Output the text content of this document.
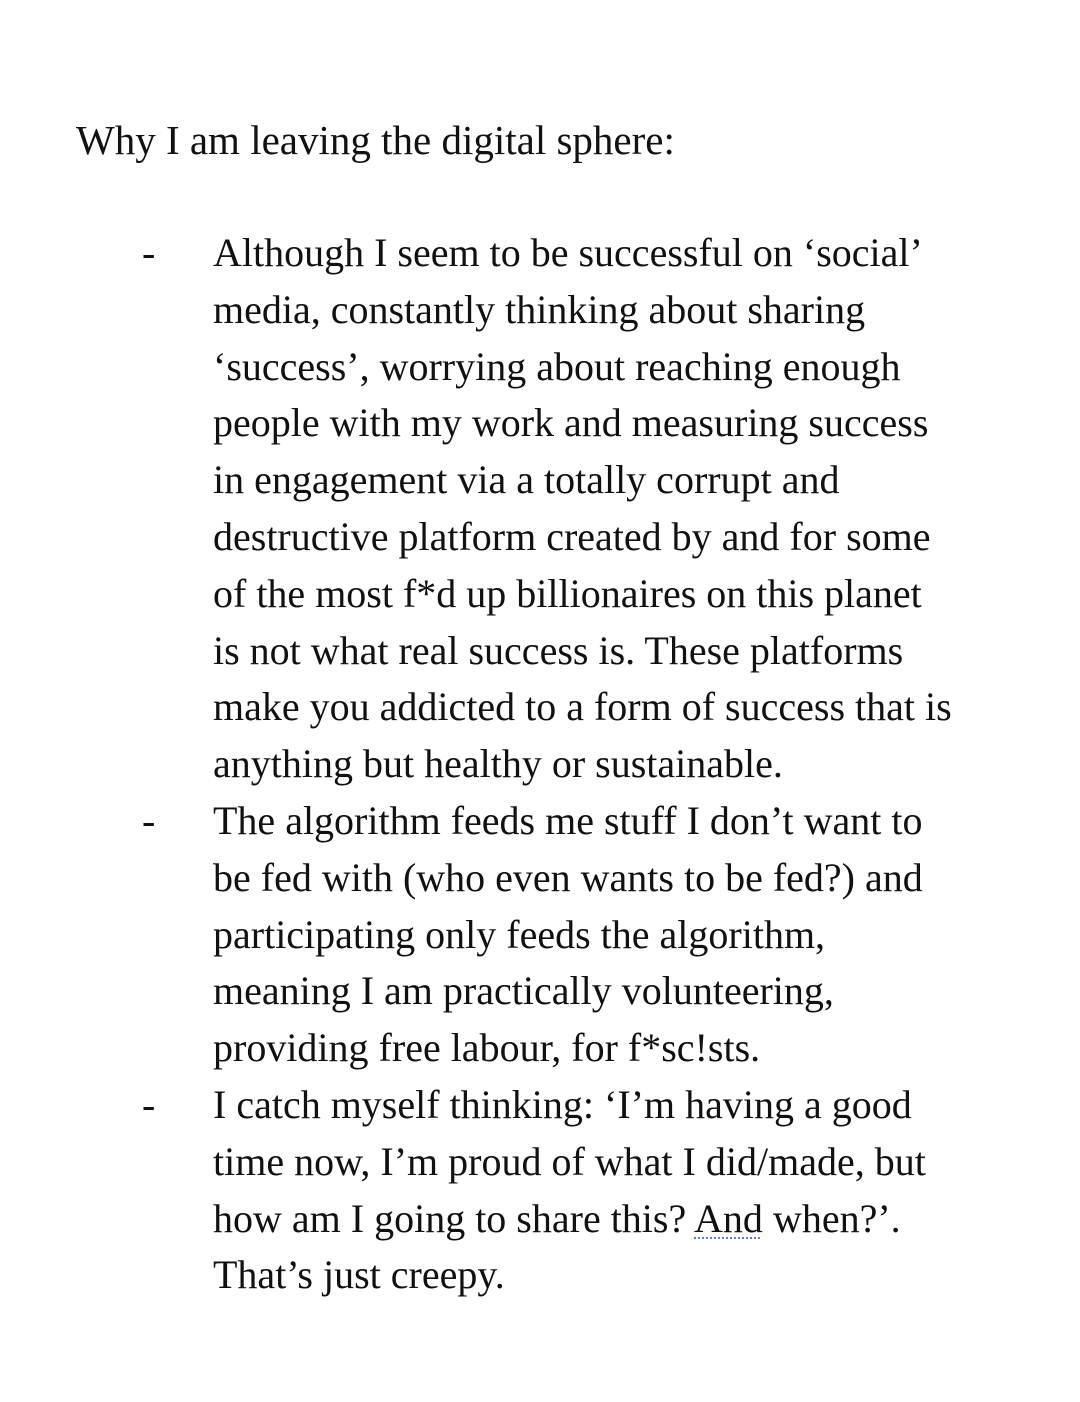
Why I am leaving the digital sphere:
- Although I seem to be successful on ‘social’
media, constantly thinking about sharing
‘success’, worrying about reaching enough
people with my work and measuring success
in engagement via a totally corrupt and
destructive platform created by and for some
of the most f*d up billionaires on this planet
is not what real success is. These platforms
make you addicted to a form of success that is
anything but healthy or sustainable.
- The algorithm feeds me stuff I don’t want to
be fed with (who even wants to be fed?) and
participating only feeds the algorithm,
meaning I am practically volunteering,
providing free labour, for f*sc!sts.
- I catch myself thinking: ‘I’m having a good
time now, I’m proud of what I did/made, but
how am I going to share this? And when?’.
That’s just creepy.
